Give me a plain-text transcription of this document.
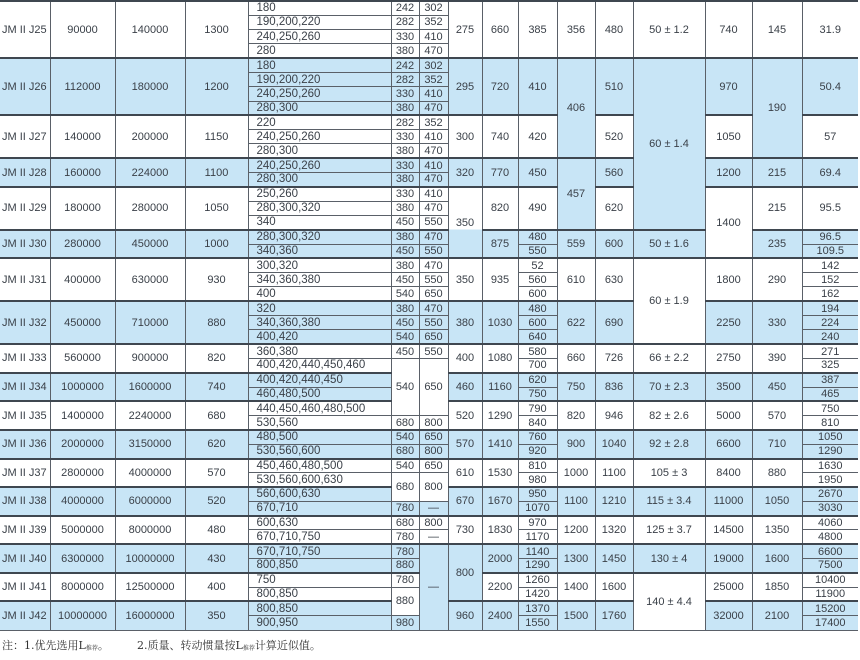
JM II J25	90000	140000	1300	180	242	302	275	660	385	356	480	50 ± 1.2	740	145	31.9
				190,200,220	282	352									
				240,250,260	330	410									
				280	380	470									
JM II J26	112000	180000	1200	180	242	302	295	720	410	406	510	60 ± 1.4	970	190	50.4
				190,200,220	282	352									
				240,250,260	330	410									
				280,300	380	470									
JM II J27	140000	200000	1150	220	282	352	300	740	420		520		1050		57
				240,250,260	330	410									
				280,300	380	470									
JM II J28	160000	224000	1100	240,250,260	330	410	320	770	450	457	560		1200	215	69.4
				280,300	380	470									
JM II J29	180000	280000	1050	250,260	330	410	350	820	490		620		1400	215	95.5
				280,300,320	380	470									
				340	450	550									
JM II J30	280000	450000	1000	280,300,320	380	470		875	480	559	600	50 ± 1.6		235	96.5
				340,360	450	550			550						109.5
JM II J31	400000	630000	930	300,320	380	470	350	935	52	610	630	60 ± 1.9	1800	290	142
				340,360,380	450	550			560						152
				400	540	650			600						162
JM II J32	450000	710000	880	320	380	470	380	1030	480	622	690		2250	330	194
				340,360,380	450	550			600						224
				400,420	540	650			640						240
JM II J33	560000	900000	820	360,380	450	550	400	1080	580	660	726	66 ± 2.2	2750	390	271
				400,420,440,450,460	540	650			700						325
JM II J34	1000000	1600000	740	400,420,440,450			460	1160	620	750	836	70 ± 2.3	3500	450	387
				460,480,500					750						465
JM II J35	1400000	2240000	680	440,450,460,480,500			520	1290	790	820	946	82 ± 2.6	5000	570	750
				530,560	680	800			840						810
JM II J36	2000000	3150000	620	480,500	540	650	570	1410	760	900	1040	92 ± 2.8	6600	710	1050
				530,560,600	680	800			920						1290
JM II J37	2800000	4000000	570	450,460,480,500	540	650	610	1530	810	1000	1100	105 ± 3	8400	880	1630
				530,560,600,630	680	800			980						1950
JM II J38	4000000	6000000	520	560,600,630			670	1670	950	1100	1210	115 ± 3.4	11000	1050	2670
				670,710	780	—			1070						3030
JM II J39	5000000	8000000	480	600,630	680	800	730	1830	970	1200	1320	125 ± 3.7	14500	1350	4060
				670,710,750	780	—			1170						4800
JM II J40	6300000	10000000	430	670,710,750	780	—	800	2000	1140	1300	1450	130 ± 4	19000	1600	6600
				800,850	880				1290						7500
JM II J41	8000000	12500000	400	750	780			2200	1260	1400	1600	140 ± 4.4	25000	1850	10400
				800,850	880				1420						11900
JM II J42	10000000	16000000	350	800,850			960	2400	1370	1500	1760		32000	2100	15200
				900,950	980				1550						17400
注：1.优先选用$L_{推荐}$。	2.质量、转动惯量按$L_{推荐}$计算近似值。
